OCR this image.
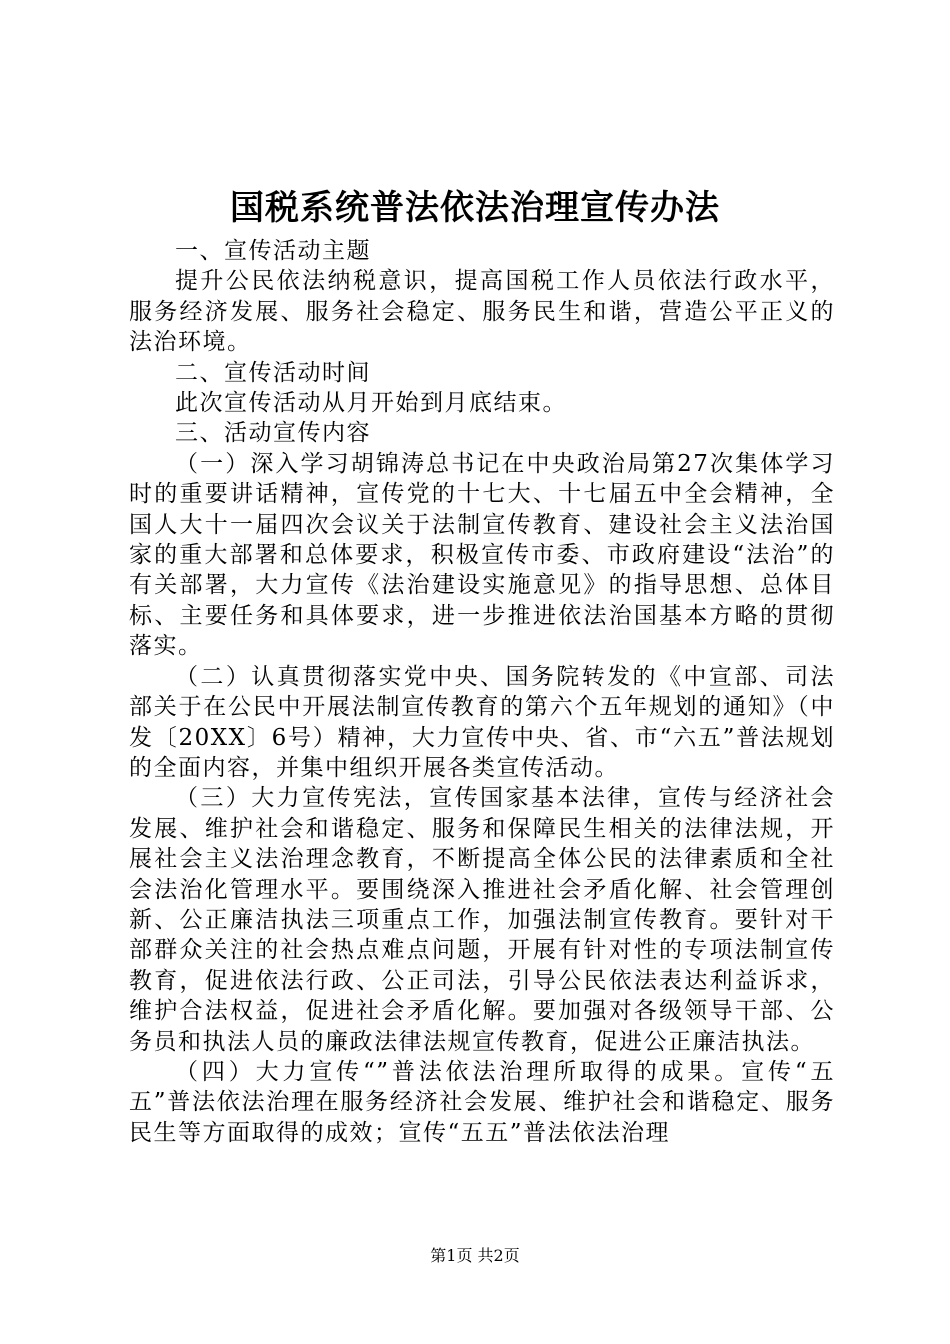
国税系统普法依法治理宣传办法

一、宣传活动主题

提升公民依法纳税意识，提高国税工作人员依法行政水平，服务经济发展、服务社会稳定、服务民生和谐，营造公平正义的法治环境。

二、宣传活动时间

此次宣传活动从月开始到月底结束。

三、活动宣传内容

（一）深入学习胡锦涛总书记在中央政治局第27次集体学习时的重要讲话精神，宣传党的十七大、十七届五中全会精神，全国人大十一届四次会议关于法制宣传教育、建设社会主义法治国家的重大部署和总体要求，积极宣传市委、市政府建设“法治”的有关部署，大力宣传《法治建设实施意见》的指导思想、总体目标、主要任务和具体要求，进一步推进依法治国基本方略的贯彻落实。

（二）认真贯彻落实党中央、国务院转发的《中宣部、司法部关于在公民中开展法制宣传教育的第六个五年规划的通知》（中发〔20XX〕6号）精神，大力宣传中央、省、市“六五”普法规划的全面内容，并集中组织开展各类宣传活动。

（三）大力宣传宪法，宣传国家基本法律，宣传与经济社会发展、维护社会和谐稳定、服务和保障民生相关的法律法规，开展社会主义法治理念教育，不断提高全体公民的法律素质和全社会法治化管理水平。要围绕深入推进社会矛盾化解、社会管理创新、公正廉洁执法三项重点工作，加强法制宣传教育。要针对干部群众关注的社会热点难点问题，开展有针对性的专项法制宣传教育，促进依法行政、公正司法，引导公民依法表达利益诉求，维护合法权益，促进社会矛盾化解。要加强对各级领导干部、公务员和执法人员的廉政法律法规宣传教育，促进公正廉洁执法。

（四）大力宣传“”普法依法治理所取得的成果。宣传“五五”普法依法治理在服务经济社会发展、维护社会和谐稳定、服务民生等方面取得的成效；宣传“五五”普法依法治理

第1页 共2页
